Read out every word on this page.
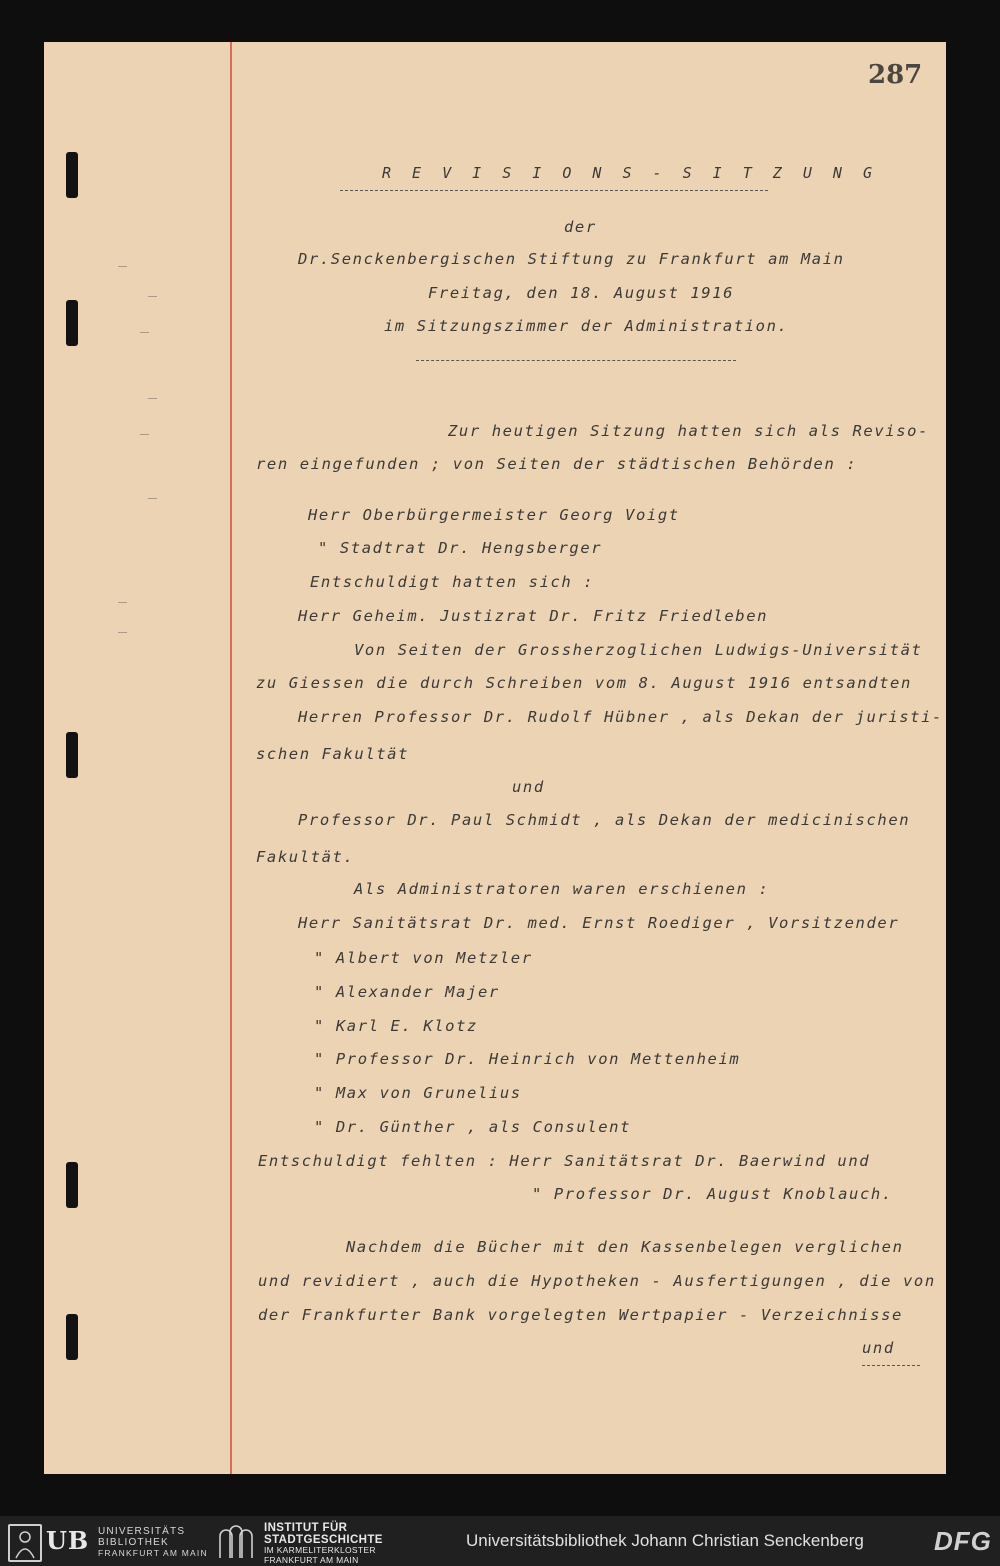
287
R E V I S I O N S - S I T Z U N G
der
Dr.Senckenbergischen Stiftung zu Frankfurt am Main
Freitag, den 18. August 1916
im Sitzungszimmer der Administration.
Zur heutigen Sitzung hatten sich als Reviso-
ren eingefunden ; von Seiten der städtischen Behörden :
Herr Oberbürgermeister Georg Voigt
" Stadtrat Dr. Hengsberger
Entschuldigt hatten sich :
Herr Geheim. Justizrat Dr. Fritz Friedleben
Von Seiten der Grossherzoglichen Ludwigs-Universität
zu Giessen die durch Schreiben vom 8. August 1916 entsandten
Herren Professor Dr. Rudolf Hübner , als Dekan der juristi-
schen Fakultät
und
Professor Dr. Paul Schmidt , als Dekan der medicinischen
Fakultät.
Als Administratoren waren erschienen :
Herr Sanitätsrat Dr. med. Ernst Roediger , Vorsitzender
" Albert von Metzler
" Alexander Majer
" Karl E. Klotz
" Professor Dr. Heinrich von Mettenheim
" Max von Grunelius
" Dr. Günther , als Consulent
Entschuldigt fehlten : Herr Sanitätsrat Dr. Baerwind und
" Professor Dr. August Knoblauch.
Nachdem die Bücher mit den Kassenbelegen verglichen
und revidiert , auch die Hypotheken - Ausfertigungen , die von
der Frankfurter Bank vorgelegten Wertpapier - Verzeichnisse
und
UB UNIVERSITÄTS
BIBLIOTHEK
FRANKFURT AM MAIN
INSTITUT FÜR
STADTGESCHICHTE
IM KARMELITERKLOSTER
FRANKFURT AM MAIN
Universitätsbibliothek Johann Christian Senckenberg	DFG
